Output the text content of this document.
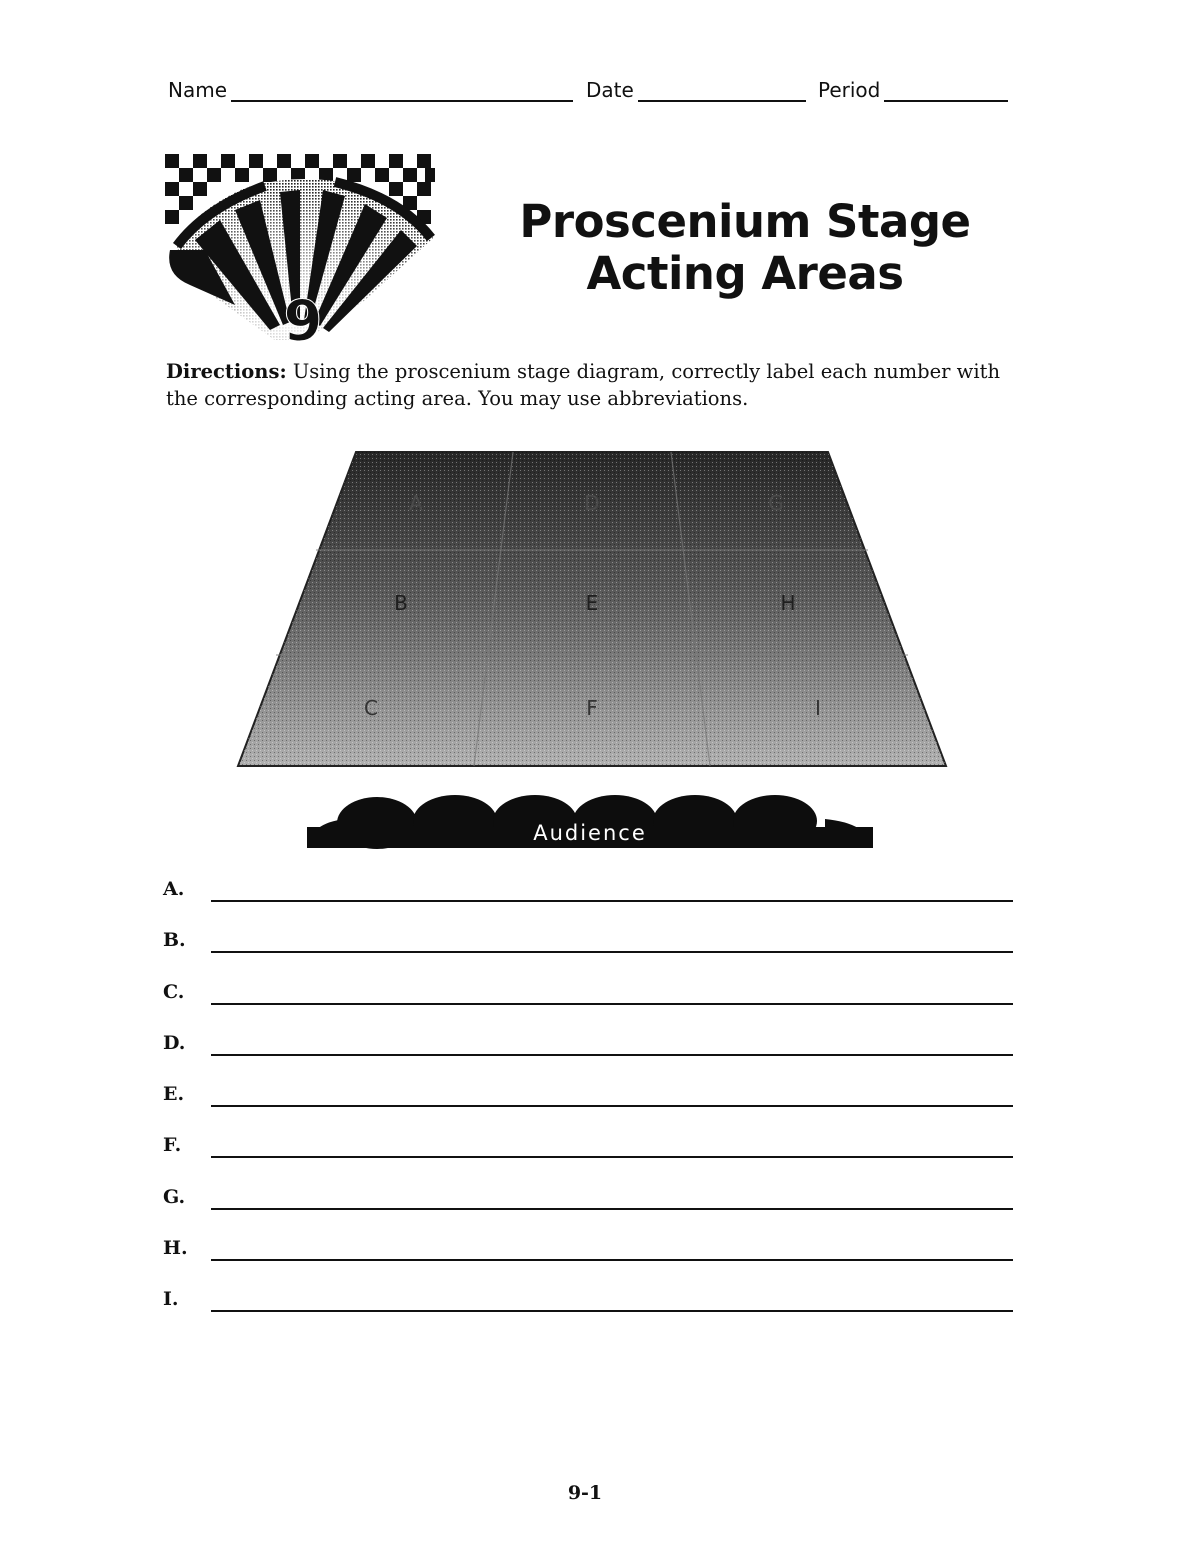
Name	Date	Period
9
Proscenium Stage
Acting Areas
Directions: Using the proscenium stage diagram, correctly label each number with the corresponding acting area. You may use abbreviations.
A
B
C
D
E
F
G
H
I
Audience
A.
B.
C.
D.
E.
F.
G.
H.
I.
9-1
